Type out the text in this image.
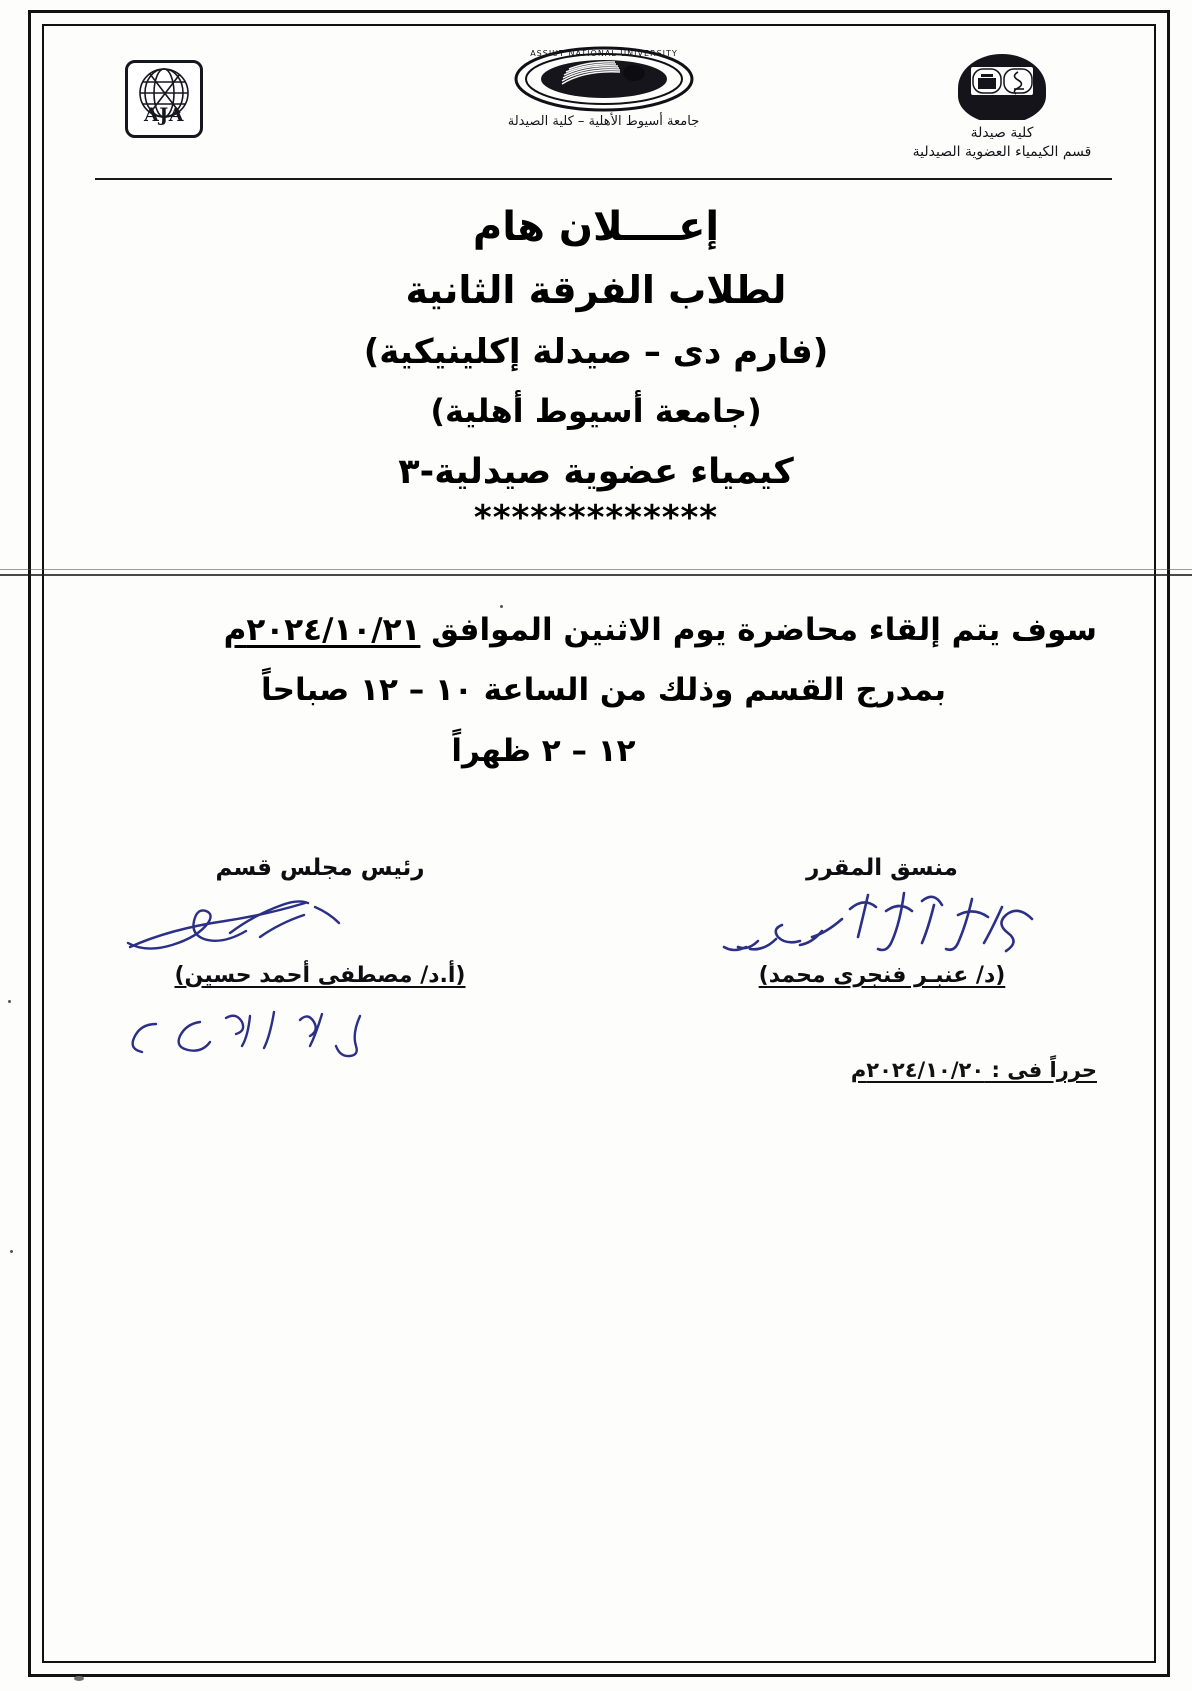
AJA
ASSIUT NATIONAL UNIVERSITY
جامعة أسيوط الأهلية – كلية الصيدلة
كلية صيدلة
قسم الكيمياء العضوية الصيدلية
إعــــلان هام
لطلاب الفرقة الثانية
(فارم دى – صيدلة إكلينيكية)
(جامعة أسيوط أهلية)
كيمياء عضوية صيدلية-٣
*************
سوف يتم إلقاء محاضرة يوم الاثنين الموافق ٢٠٢٤/١٠/٢١م
بمدرج القسم وذلك من الساعة ١٠ – ١٢ صباحاً
١٢ – ٢ ظهراً
رئيس مجلس قسم
(أ.د/ مصطفى أحمد حسين)
منسق المقرر
(د/ عنبـر فنجرى محمد)
حرراً فى : ٢٠٢٤/١٠/٢٠م
